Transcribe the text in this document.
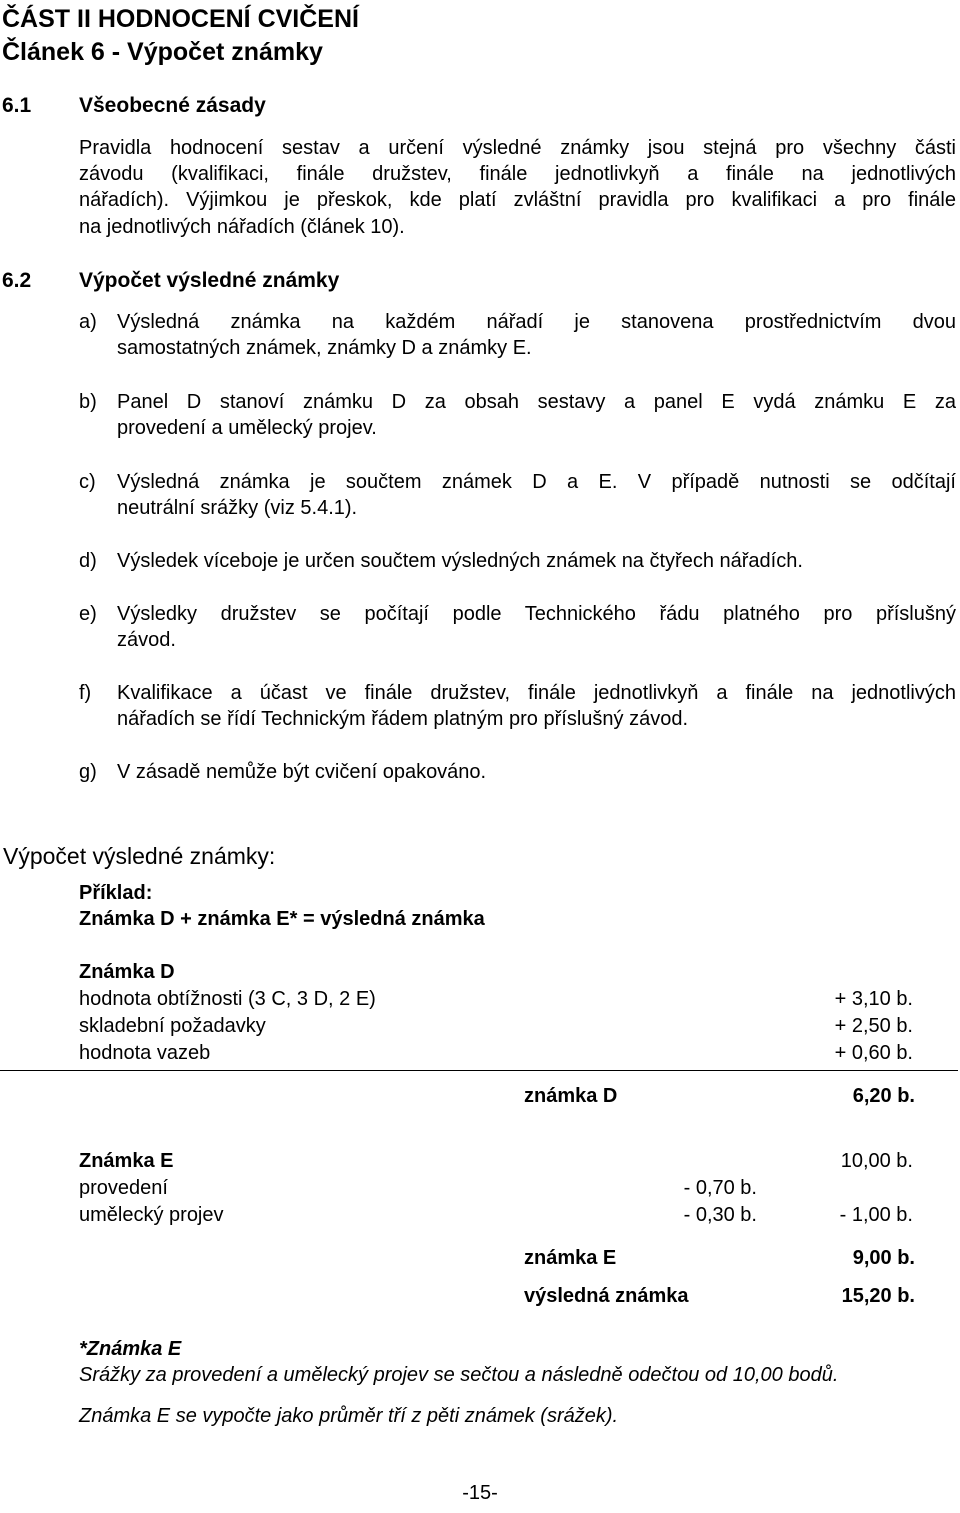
ČÁST II HODNOCENÍ CVIČENÍ
Článek 6 - Výpočet známky
6.1 Všeobecné zásady
Pravidla hodnocení sestav a určení výsledné známky jsou stejná pro všechny části
závodu (kvalifikaci, finále družstev, finále jednotlivkyň a finále na jednotlivých
nářadích). Výjimkou je přeskok, kde platí zvláštní pravidla pro kvalifikaci a pro finále
na jednotlivých nářadích (článek 10).
6.2 Výpočet výsledné známky
a) Výsledná známka na každém nářadí je stanovena prostřednictvím dvou
samostatných známek, známky D a známky E.
b) Panel D stanoví známku D za obsah sestavy a panel E vydá známku E za
provedení a umělecký projev.
c) Výsledná známka je součtem známek D a E. V případě nutnosti se odčítají
neutrální srážky (viz 5.4.1).
d) Výsledek víceboje je určen součtem výsledných známek na čtyřech nářadích.
e) Výsledky družstev se počítají podle Technického řádu platného pro příslušný
závod.
f) Kvalifikace a účast ve finále družstev, finále jednotlivkyň a finále na jednotlivých
nářadích se řídí Technickým řádem platným pro příslušný závod.
g) V zásadě nemůže být cvičení opakováno.
Výpočet výsledné známky:
Příklad:
Známka D + známka E* = výsledná známka
Známka D
hodnota obtížnosti (3 C, 3 D, 2 E)	+ 3,10 b.
skladební požadavky	+ 2,50 b.
hodnota vazeb	+ 0,60 b.
známka D	6,20 b.
Známka E	10,00 b.
provedení	- 0,70 b.
umělecký projev	- 0,30 b.	- 1,00 b.
známka E	9,00 b.
výsledná známka	15,20 b.
*Známka E
Srážky za provedení a umělecký projev se sečtou a následně odečtou od 10,00 bodů.
Známka E se vypočte jako průměr tří z pěti známek (srážek).
-15-
